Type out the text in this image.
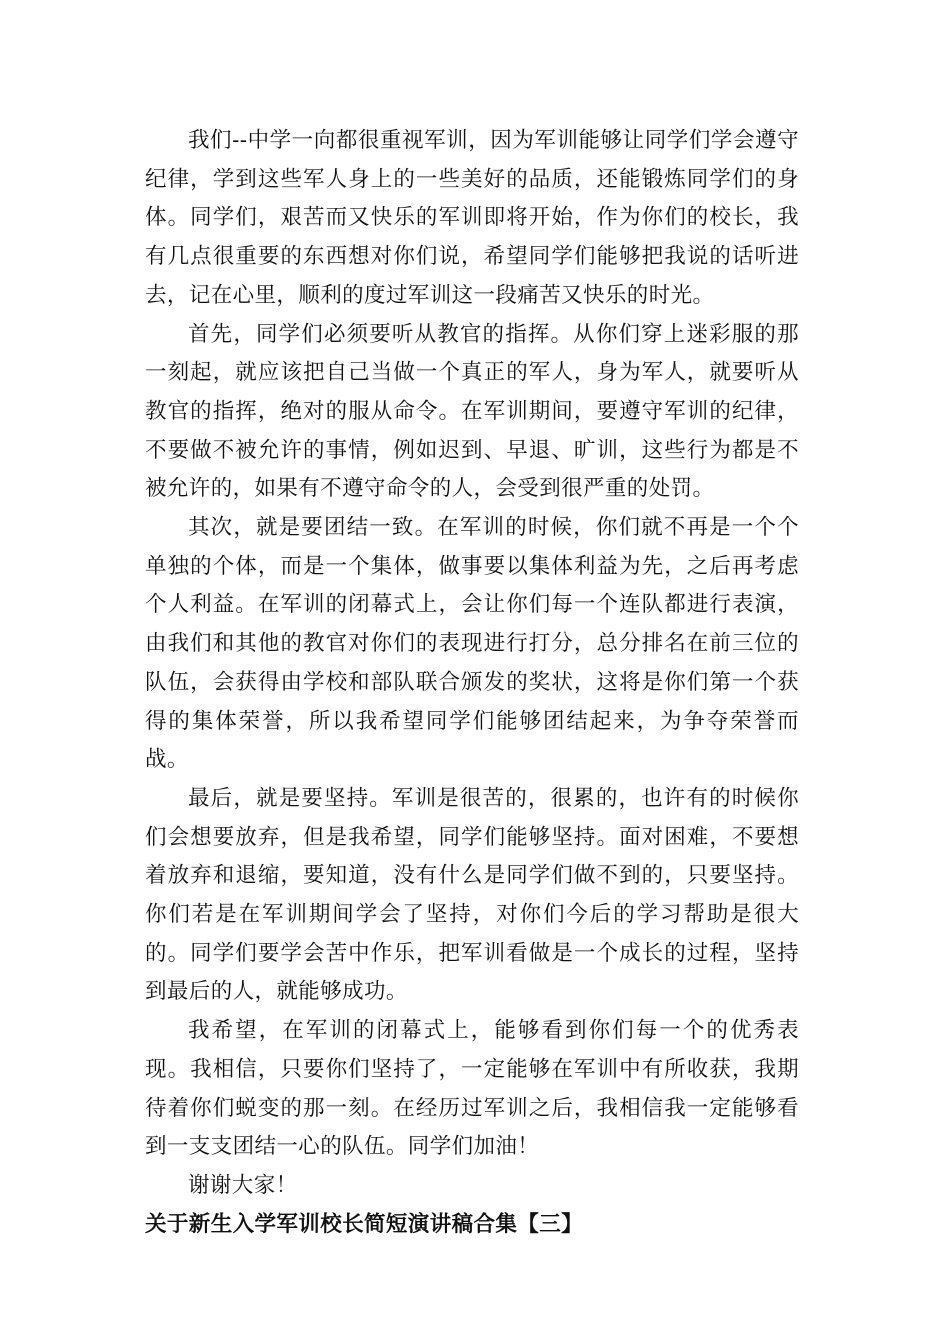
我们--中学一向都很重视军训，因为军训能够让同学们学会遵守纪律，学到这些军人身上的一些美好的品质，还能锻炼同学们的身体。同学们，艰苦而又快乐的军训即将开始，作为你们的校长，我有几点很重要的东西想对你们说，希望同学们能够把我说的话听进去，记在心里，顺利的度过军训这一段痛苦又快乐的时光。

首先，同学们必须要听从教官的指挥。从你们穿上迷彩服的那一刻起，就应该把自己当做一个真正的军人，身为军人，就要听从教官的指挥，绝对的服从命令。在军训期间，要遵守军训的纪律，不要做不被允许的事情，例如迟到、早退、旷训，这些行为都是不被允许的，如果有不遵守命令的人，会受到很严重的处罚。

其次，就是要团结一致。在军训的时候，你们就不再是一个个单独的个体，而是一个集体，做事要以集体利益为先，之后再考虑个人利益。在军训的闭幕式上，会让你们每一个连队都进行表演，由我们和其他的教官对你们的表现进行打分，总分排名在前三位的队伍，会获得由学校和部队联合颁发的奖状，这将是你们第一个获得的集体荣誉，所以我希望同学们能够团结起来，为争夺荣誉而战。

最后，就是要坚持。军训是很苦的，很累的，也许有的时候你们会想要放弃，但是我希望，同学们能够坚持。面对困难，不要想着放弃和退缩，要知道，没有什么是同学们做不到的，只要坚持。你们若是在军训期间学会了坚持，对你们今后的学习帮助是很大的。同学们要学会苦中作乐，把军训看做是一个成长的过程，坚持到最后的人，就能够成功。

我希望，在军训的闭幕式上，能够看到你们每一个的优秀表现。我相信，只要你们坚持了，一定能够在军训中有所收获，我期待着你们蜕变的那一刻。在经历过军训之后，我相信我一定能够看到一支支团结一心的队伍。同学们加油！

谢谢大家！

关于新生入学军训校长简短演讲稿合集【三】
